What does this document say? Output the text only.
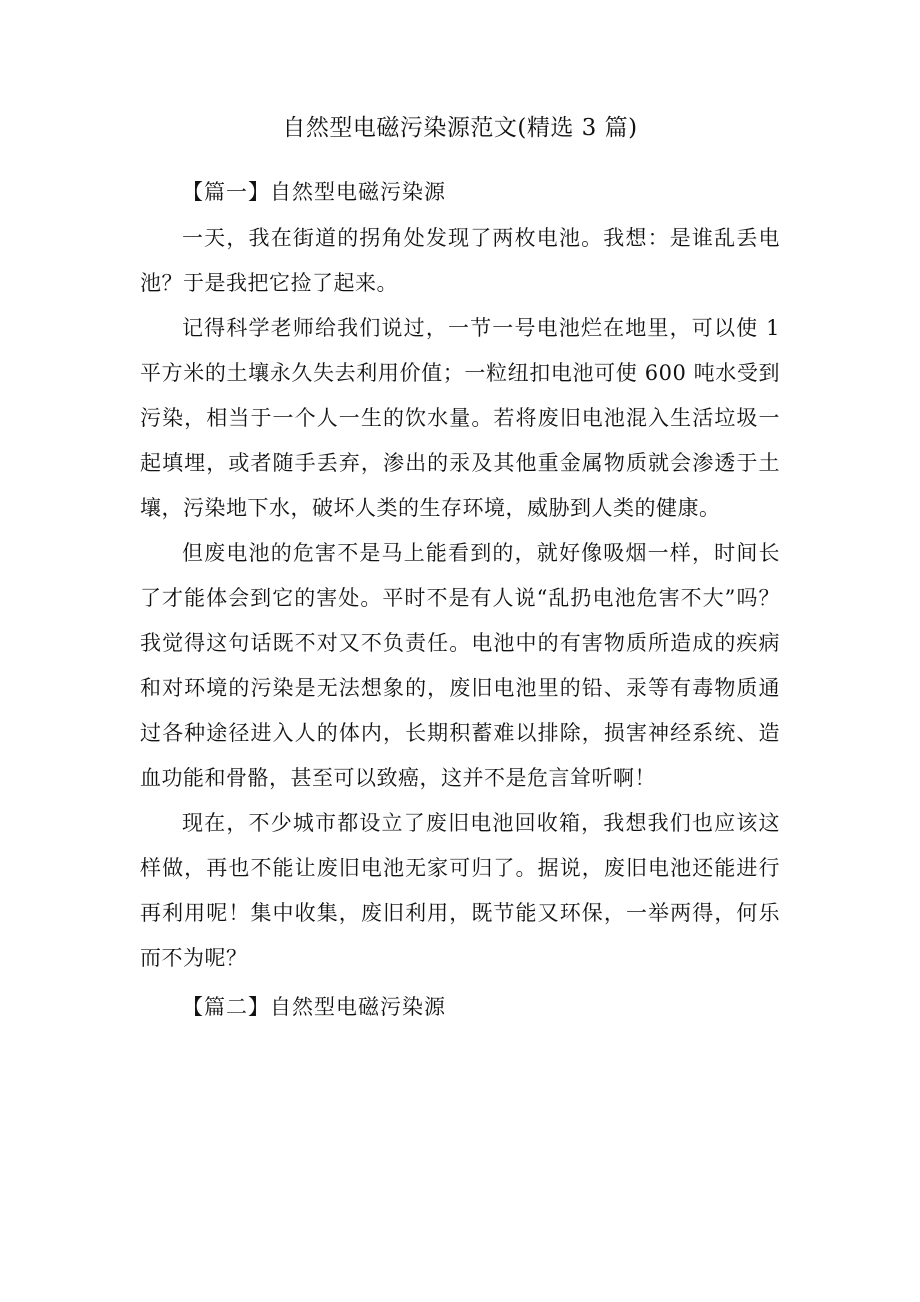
自然型电磁污染源范文(精选 3 篇)

【篇一】自然型电磁污染源

一天，我在街道的拐角处发现了两枚电池。我想：是谁乱丢电池？于是我把它捡了起来。

记得科学老师给我们说过，一节一号电池烂在地里，可以使 1 平方米的土壤永久失去利用价值；一粒纽扣电池可使 600 吨水受到污染，相当于一个人一生的饮水量。若将废旧电池混入生活垃圾一起填埋，或者随手丢弃，渗出的汞及其他重金属物质就会渗透于土壤，污染地下水，破坏人类的生存环境，威胁到人类的健康。

但废电池的危害不是马上能看到的，就好像吸烟一样，时间长了才能体会到它的害处。平时不是有人说“乱扔电池危害不大”吗？我觉得这句话既不对又不负责任。电池中的有害物质所造成的疾病和对环境的污染是无法想象的，废旧电池里的铅、汞等有毒物质通过各种途径进入人的体内，长期积蓄难以排除，损害神经系统、造血功能和骨骼，甚至可以致癌，这并不是危言耸听啊！

现在，不少城市都设立了废旧电池回收箱，我想我们也应该这样做，再也不能让废旧电池无家可归了。据说，废旧电池还能进行再利用呢！集中收集，废旧利用，既节能又环保，一举两得，何乐而不为呢？

【篇二】自然型电磁污染源
